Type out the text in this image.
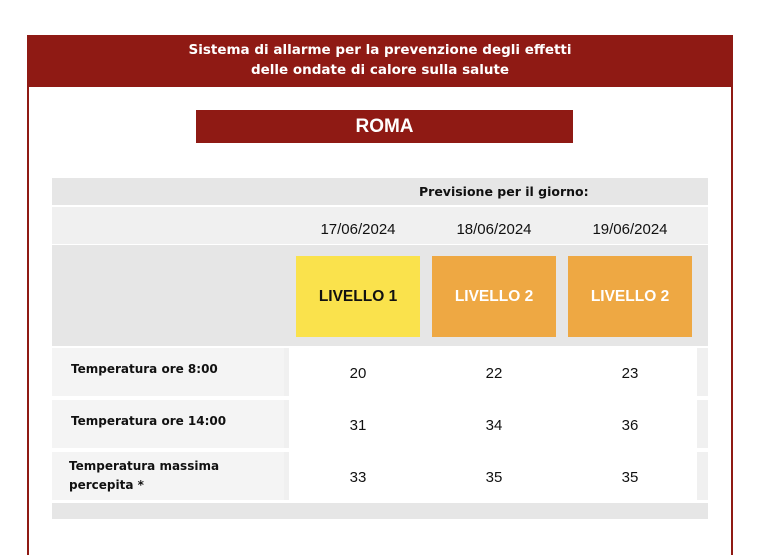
Sistema di allarme per la prevenzione degli effetti
delle ondate di calore sulla salute
ROMA
Previsione per il giorno:
17/06/2024	18/06/2024	19/06/2024
LIVELLO 1	LIVELLO 2	LIVELLO 2
Temperatura ore 8:00	20	22	23
Temperatura ore 14:00	31	34	36
Temperatura massima
percepita *	33	35	35
